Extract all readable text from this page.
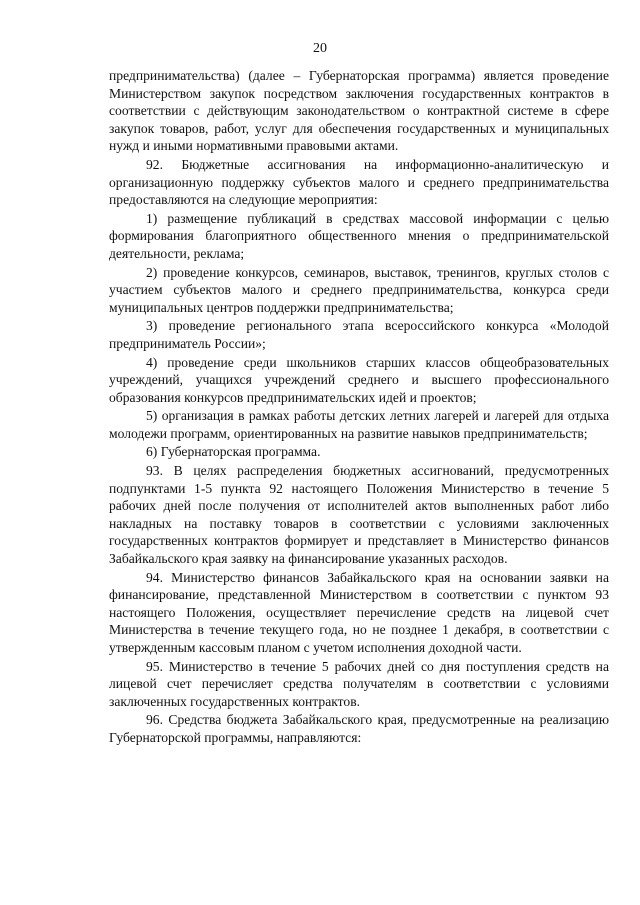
20

предпринимательства) (далее – Губернаторская программа) является проведение Министерством закупок посредством заключения государственных контрактов в соответствии с действующим законодательством о контрактной системе в сфере закупок товаров, работ, услуг для обеспечения государственных и муниципальных нужд и иными нормативными правовыми актами.

92. Бюджетные ассигнования на информационно-аналитическую и организационную поддержку субъектов малого и среднего предпринимательства предоставляются на следующие мероприятия:

1) размещение публикаций в средствах массовой информации с целью формирования благоприятного общественного мнения о предпринимательской деятельности, реклама;

2) проведение конкурсов, семинаров, выставок, тренингов, круглых столов с участием субъектов малого и среднего предпринимательства, конкурса среди муниципальных центров поддержки предпринимательства;

3) проведение регионального этапа всероссийского конкурса «Молодой предприниматель России»;

4) проведение среди школьников старших классов общеобразовательных учреждений, учащихся учреждений среднего и высшего профессионального образования конкурсов предпринимательских идей и проектов;

5) организация в рамках работы детских летних лагерей и лагерей для отдыха молодежи программ, ориентированных на развитие навыков предпринимательств;

6) Губернаторская программа.

93. В целях распределения бюджетных ассигнований, предусмотренных подпунктами 1-5 пункта 92 настоящего Положения Министерство в течение 5 рабочих дней после получения от исполнителей актов выполненных работ либо накладных на поставку товаров в соответствии с условиями заключенных государственных контрактов формирует и представляет в Министерство финансов Забайкальского края заявку на финансирование указанных расходов.

94. Министерство финансов Забайкальского края на основании заявки на финансирование, представленной Министерством в соответствии с пунктом 93 настоящего Положения, осуществляет перечисление средств на лицевой счет Министерства в течение текущего года, но не позднее 1 декабря, в соответствии с утвержденным кассовым планом с учетом исполнения доходной части.

95. Министерство в течение 5 рабочих дней со дня поступления средств на лицевой счет перечисляет средства получателям в соответствии с условиями заключенных государственных контрактов.

96. Средства бюджета Забайкальского края, предусмотренные на реализацию Губернаторской программы, направляются:
